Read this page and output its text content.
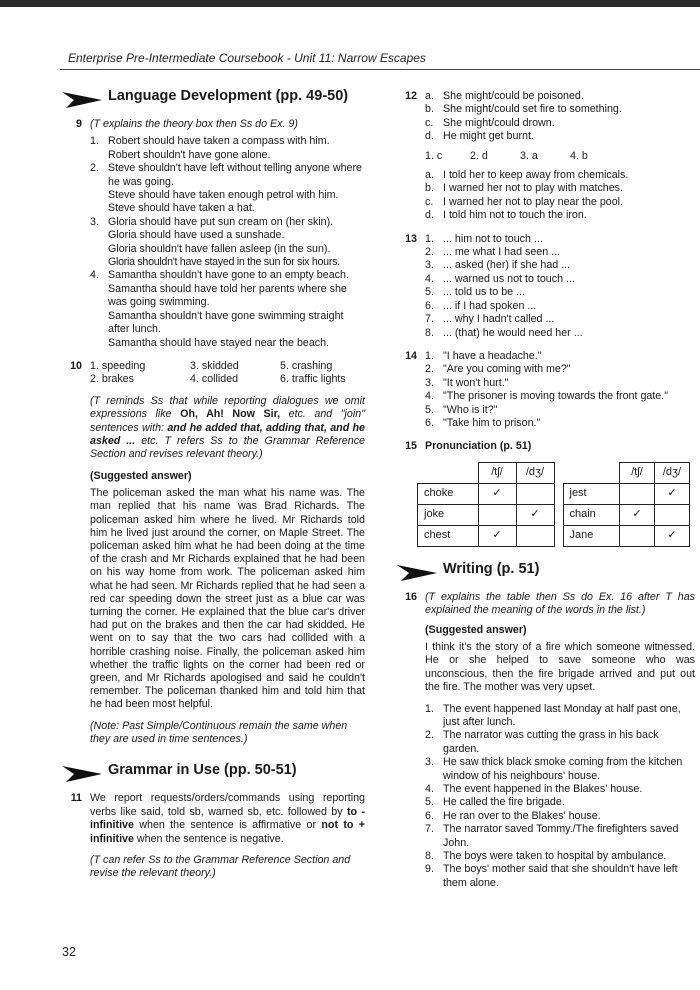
Enterprise Pre-Intermediate Coursebook - Unit 11: Narrow Escapes
Language Development (pp. 49-50)
9 (T explains the theory box then Ss do Ex. 9)
1. Robert should have taken a compass with him.
Robert shouldn't have gone alone.
2. Steve shouldn't have left without telling anyone where he was going.
Steve should have taken enough petrol with him.
Steve should have taken a hat.
3. Gloria should have put sun cream on (her skin).
Gloria should have used a sunshade.
Gloria shouldn't have fallen asleep (in the sun).
Gloria shouldn't have stayed in the sun for six hours.
4. Samantha shouldn't have gone to an empty beach.
Samantha should have told her parents where she was going swimming.
Samantha shouldn't have gone swimming straight after lunch.
Samantha should have stayed near the beach.
10 1. speeding	3. skidded	5. crashing
2. brakes	4. collided	6. traffic lights
(T reminds Ss that while reporting dialogues we omit expressions like Oh, Ah! Now Sir, etc. and "join" sentences with: and he added that, adding that, and he asked ... etc. T refers Ss to the Grammar Reference Section and revises relevant theory.)
(Suggested answer)
The policeman asked the man what his name was. The man replied that his name was Brad Richards. The policeman asked him where he lived. Mr Richards told him he lived just around the corner, on Maple Street. The policeman asked him what he had been doing at the time of the crash and Mr Richards explained that he had been on his way home from work. The policeman asked him what he had seen. Mr Richards replied that he had seen a red car speeding down the street just as a blue car was turning the corner. He explained that the blue car's driver had put on the brakes and then the car had skidded. He went on to say that the two cars had collided with a horrible crashing noise. Finally, the policeman asked him whether the traffic lights on the corner had been red or green, and Mr Richards apologised and said he couldn't remember. The policeman thanked him and told him that he had been most helpful.
(Note: Past Simple/Continuous remain the same when they are used in time sentences.)
Grammar in Use (pp. 50-51)
11 We report requests/orders/commands using reporting verbs like said, told sb, warned sb, etc. followed by to -infinitive when the sentence is affirmative or not to + infinitive when the sentence is negative.
(T can refer Ss to the Grammar Reference Section and revise the relevant theory.)
12 a. She might/could be poisoned.
b. She might/could set fire to something.
c. She might/could drown.
d. He might get burnt.
1. c	2. d	3. a	4. b
a. I told her to keep away from chemicals.
b. I warned her not to play with matches.
c. I warned her not to play near the pool.
d. I told him not to touch the iron.
13 1. ... him not to touch ...
2. ... me what I had seen ...
3. ... asked (her) if she had ...
4. ... warned us not to touch ...
5. ... told us to be ...
6. ... if I had spoken ...
7. ... why I hadn't called ...
8. ... (that) he would need her ...
14 1. "I have a headache."
2. "Are you coming with me?"
3. "It won't hurt."
4. "The prisoner is moving towards the front gate."
5. "Who is it?"
6. "Take him to prison."
15 Pronunciation (p. 51)
	/tʃ/	/dʒ/
choke	✓	
joke		✓
chest	✓	
	/tʃ/	/dʒ/
jest		✓
chain	✓	
Jane		✓
Writing (p. 51)
16 (T explains the table then Ss do Ex. 16 after T has explained the meaning of the words in the list.)
(Suggested answer)
I think it's the story of a fire which someone witnessed. He or she helped to save someone who was unconscious, then the fire brigade arrived and put out the fire. The mother was very upset.
1. The event happened last Monday at half past one, just after lunch.
2. The narrator was cutting the grass in his back garden.
3. He saw thick black smoke coming from the kitchen window of his neighbours' house.
4. The event happened in the Blakes' house.
5. He called the fire brigade.
6. He ran over to the Blakes' house.
7. The narrator saved Tommy./The firefighters saved John.
8. The boys were taken to hospital by ambulance.
9. The boys' mother said that she shouldn't have left them alone.
32
